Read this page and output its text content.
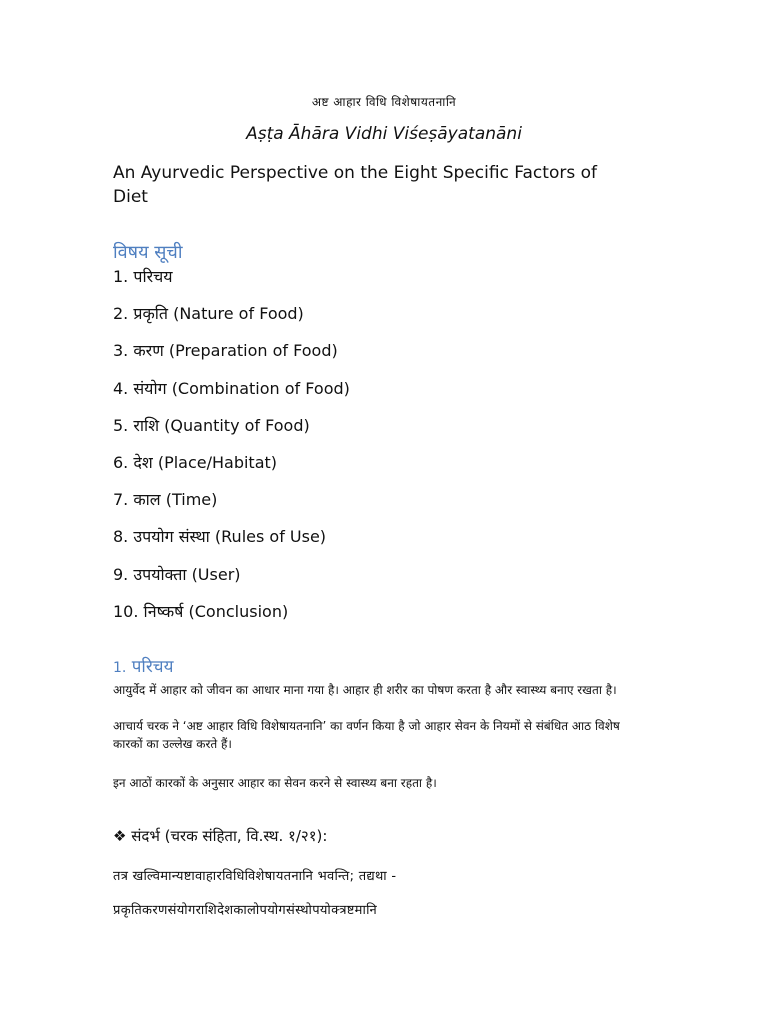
अष्ट आहार विधि विशेषायतनानि
Aṣṭa Āhāra Vidhi Viśeṣāyatanāni
An Ayurvedic Perspective on the Eight Specific Factors of Diet
विषय सूची
1. परिचय
2. प्रकृति (Nature of Food)
3. करण (Preparation of Food)
4. संयोग (Combination of Food)
5. राशि (Quantity of Food)
6. देश (Place/Habitat)
7. काल (Time)
8. उपयोग संस्था (Rules of Use)
9. उपयोक्ता (User)
10. निष्कर्ष (Conclusion)
1. परिचय

आयुर्वेद में आहार को जीवन का आधार माना गया है। आहार ही शरीर का पोषण करता है और स्वास्थ्य बनाए रखता है।

आचार्य चरक ने ‘अष्ट आहार विधि विशेषायतनानि’ का वर्णन किया है जो आहार सेवन के नियमों से संबंधित आठ विशेष कारकों का उल्लेख करते हैं।

इन आठों कारकों के अनुसार आहार का सेवन करने से स्वास्थ्य बना रहता है।

❖ संदर्भ (चरक संहिता, वि.स्थ. १/२१):
तत्र खल्विमान्यष्टावाहारविधिविशेषायतनानि भवन्ति; तद्यथा -
प्रकृतिकरणसंयोगराशिदेशकालोपयोगसंस्थोपयोक्त्रष्टमानि
